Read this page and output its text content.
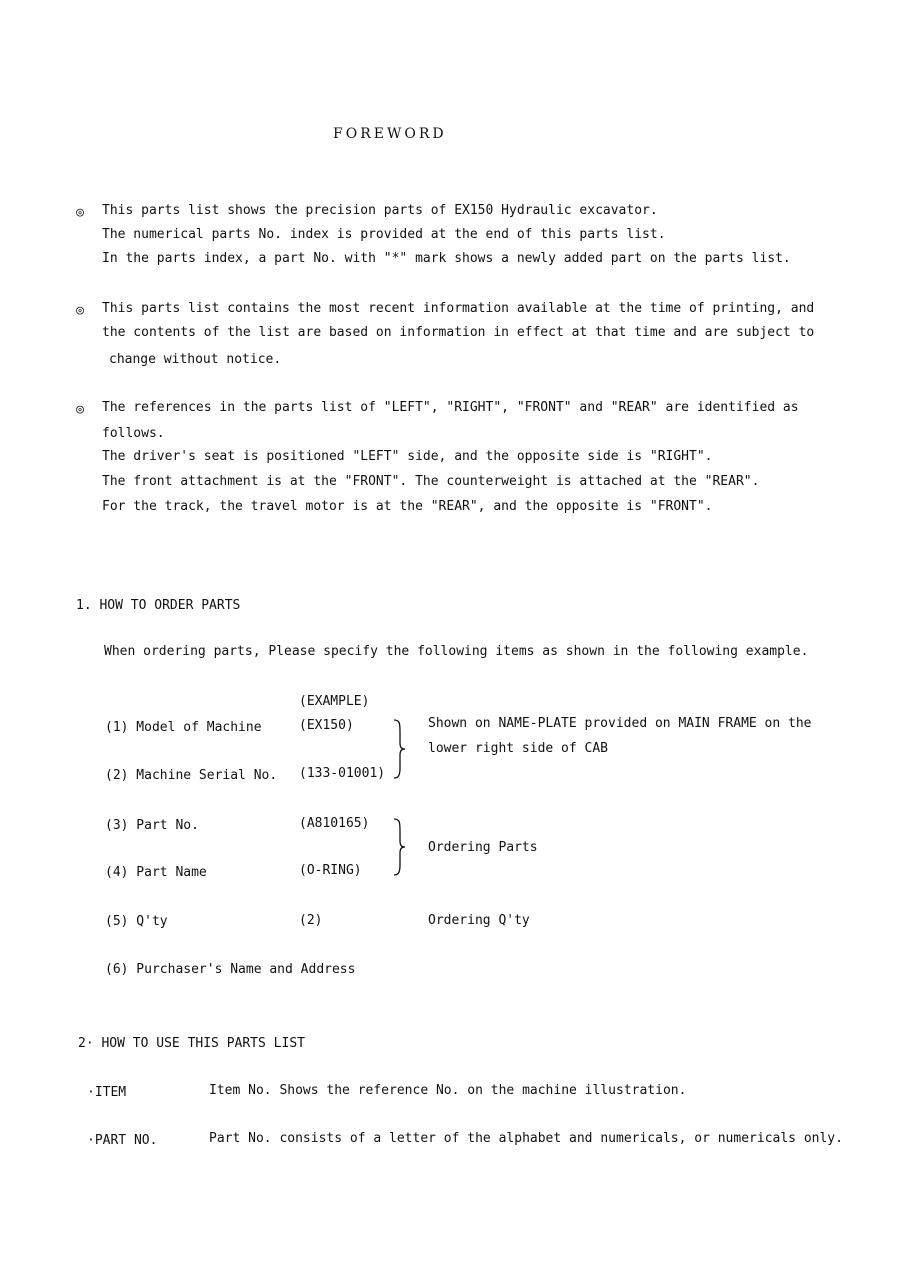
FOREWORD
◎ This parts list shows the precision parts of EX150 Hydraulic excavator.
The numerical parts No. index is provided at the end of this parts list.
In the parts index, a part No. with "*" mark shows a newly added part on the parts list.
◎ This parts list contains the most recent information available at the time of printing, and
the contents of the list are based on information in effect at that time and are subject to
change without notice.
◎ The references in the parts list of "LEFT", "RIGHT", "FRONT" and "REAR" are identified as
follows.
The driver's seat is positioned "LEFT" side, and the opposite side is "RIGHT".
The front attachment is at the "FRONT". The counterweight is attached at the "REAR".
For the track, the travel motor is at the "REAR", and the opposite is "FRONT".
1. HOW TO ORDER PARTS
When ordering parts, Please specify the following items as shown in the following example.
(EXAMPLE)
(1) Model of Machine	(EX150)
(2) Machine Serial No. (133-01001)
Shown on NAME-PLATE provided on MAIN FRAME on the
lower right side of CAB
(3) Part No.	(A810165)
(4) Part Name	(O-RING)
Ordering Parts
(5) Q'ty	(2)	Ordering Q'ty
(6) Purchaser's Name and Address
2· HOW TO USE THIS PARTS LIST
·ITEM	Item No. Shows the reference No. on the machine illustration.
·PART NO.	Part No. consists of a letter of the alphabet and numericals, or numericals only.
